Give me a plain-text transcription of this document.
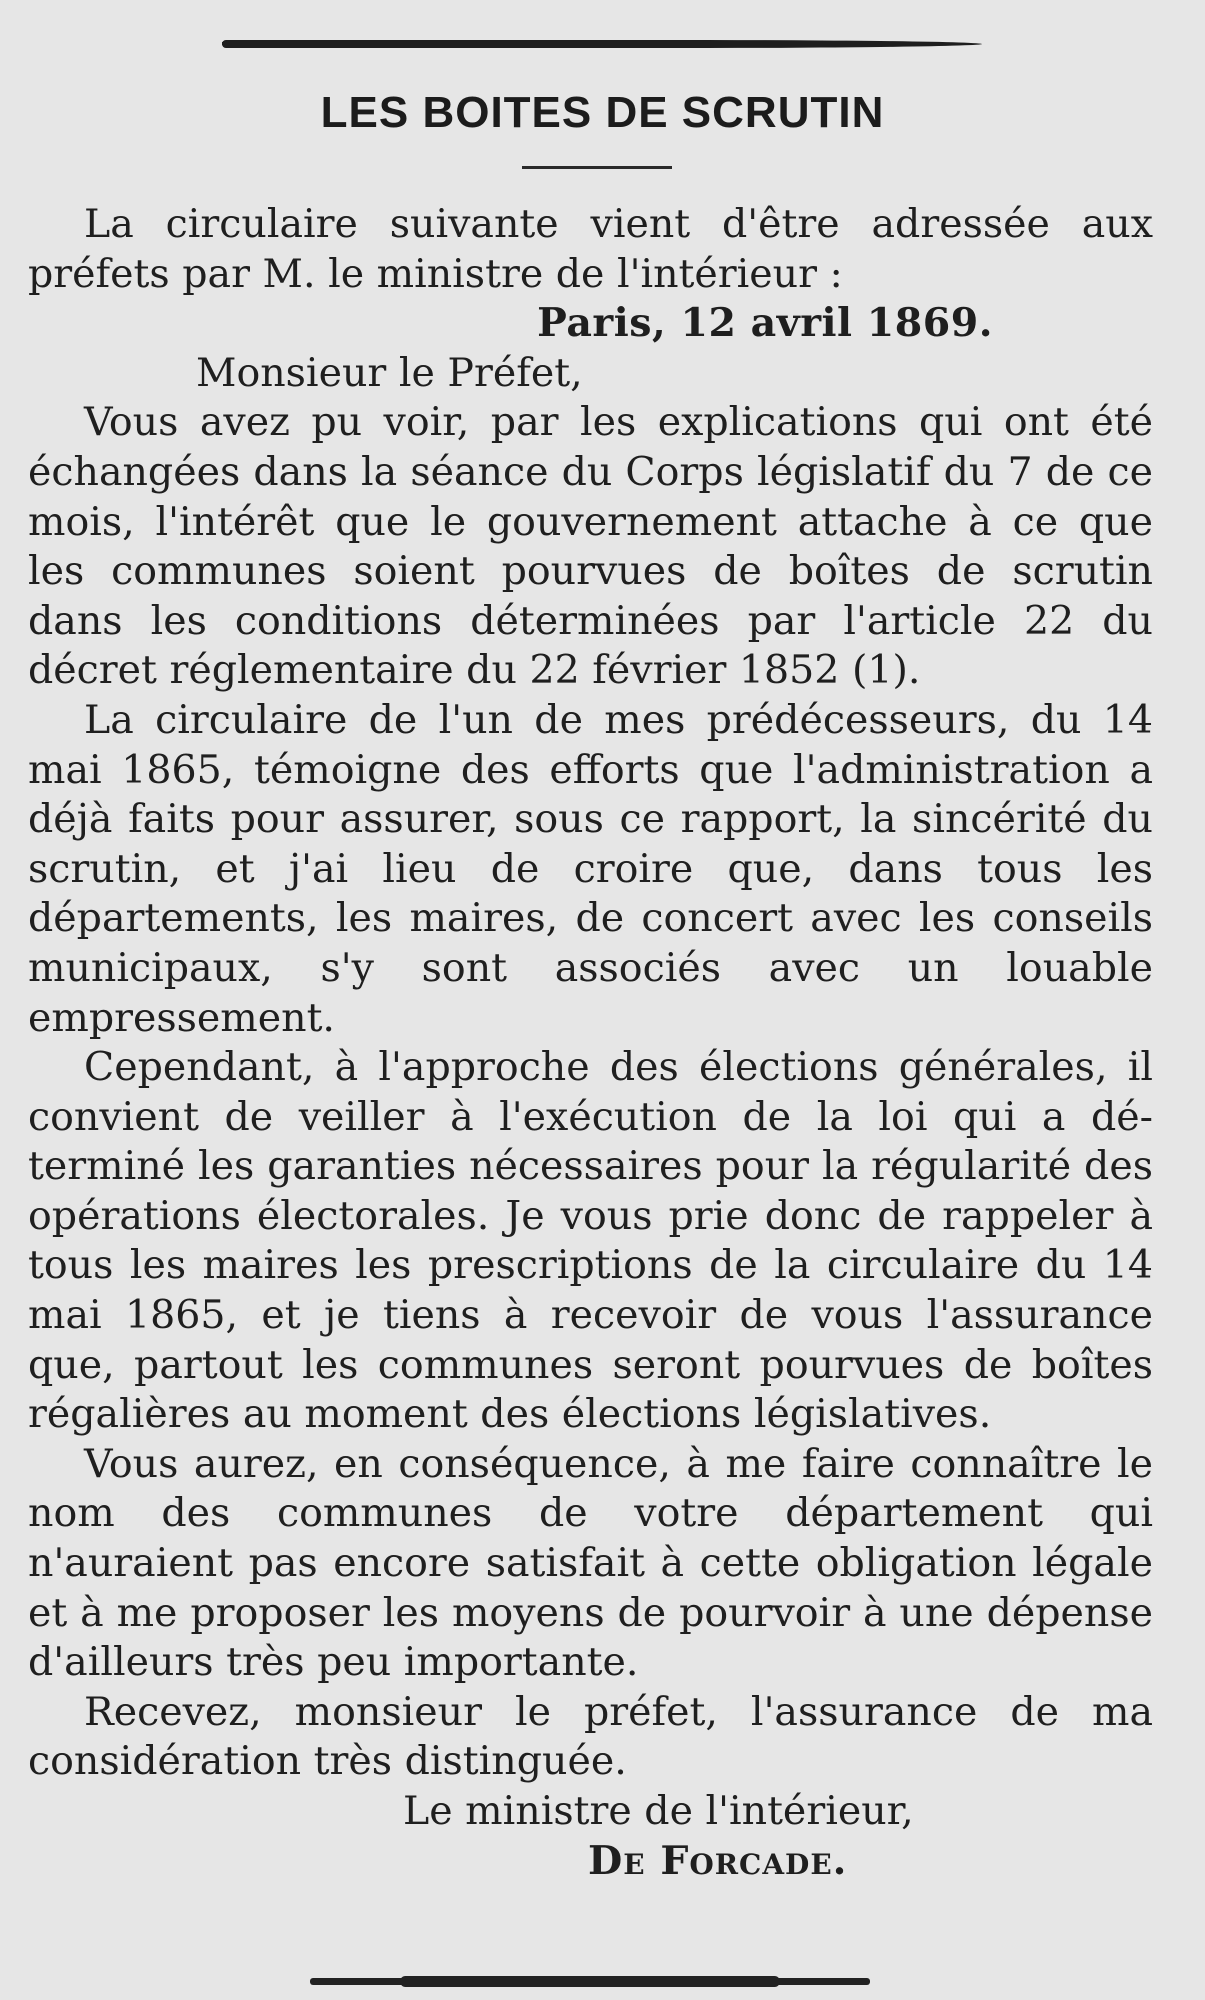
LES BOITES DE SCRUTIN

La circulaire suivante vient d'être adressée aux préfets par M. le ministre de l'intérieur :

Paris, 12 avril 1869.
Monsieur le Préfet,

Vous avez pu voir, par les explications qui ont été échangées dans la séance du Corps législatif du 7 de ce mois, l'intérêt que le gouvernement attache à ce que les communes soient pourvues de boîtes de scrutin dans les conditions déterminées par l'article 22 du décret réglementaire du 22 février 1852 (1).

La circulaire de l'un de mes prédécesseurs, du 14 mai 1865, témoigne des efforts que l'administration a déjà faits pour assurer, sous ce rapport, la sincérité du scrutin, et j'ai lieu de croire que, dans tous les départements, les maires, de concert avec les conseils municipaux, s'y sont associés avec un louable empressement.

Cependant, à l'approche des élections générales, il convient de veiller à l'exécution de la loi qui a déterminé les garanties nécessaires pour la régularité des opérations électorales. Je vous prie donc de rappeler à tous les maires les prescriptions de la circulaire du 14 mai 1865, et je tiens à recevoir de vous l'assurance que, partout les communes seront pourvues de boîtes régalières au moment des élections législatives.

Vous aurez, en conséquence, à me faire connaître le nom des communes de votre département qui n'auraient pas encore satisfait à cette obligation légale et à me proposer les moyens de pourvoir à une dépense d'ailleurs très peu importante.

Recevez, monsieur le préfet, l'assurance de ma considération très distinguée.

Le ministre de l'intérieur,
De Forcade.
